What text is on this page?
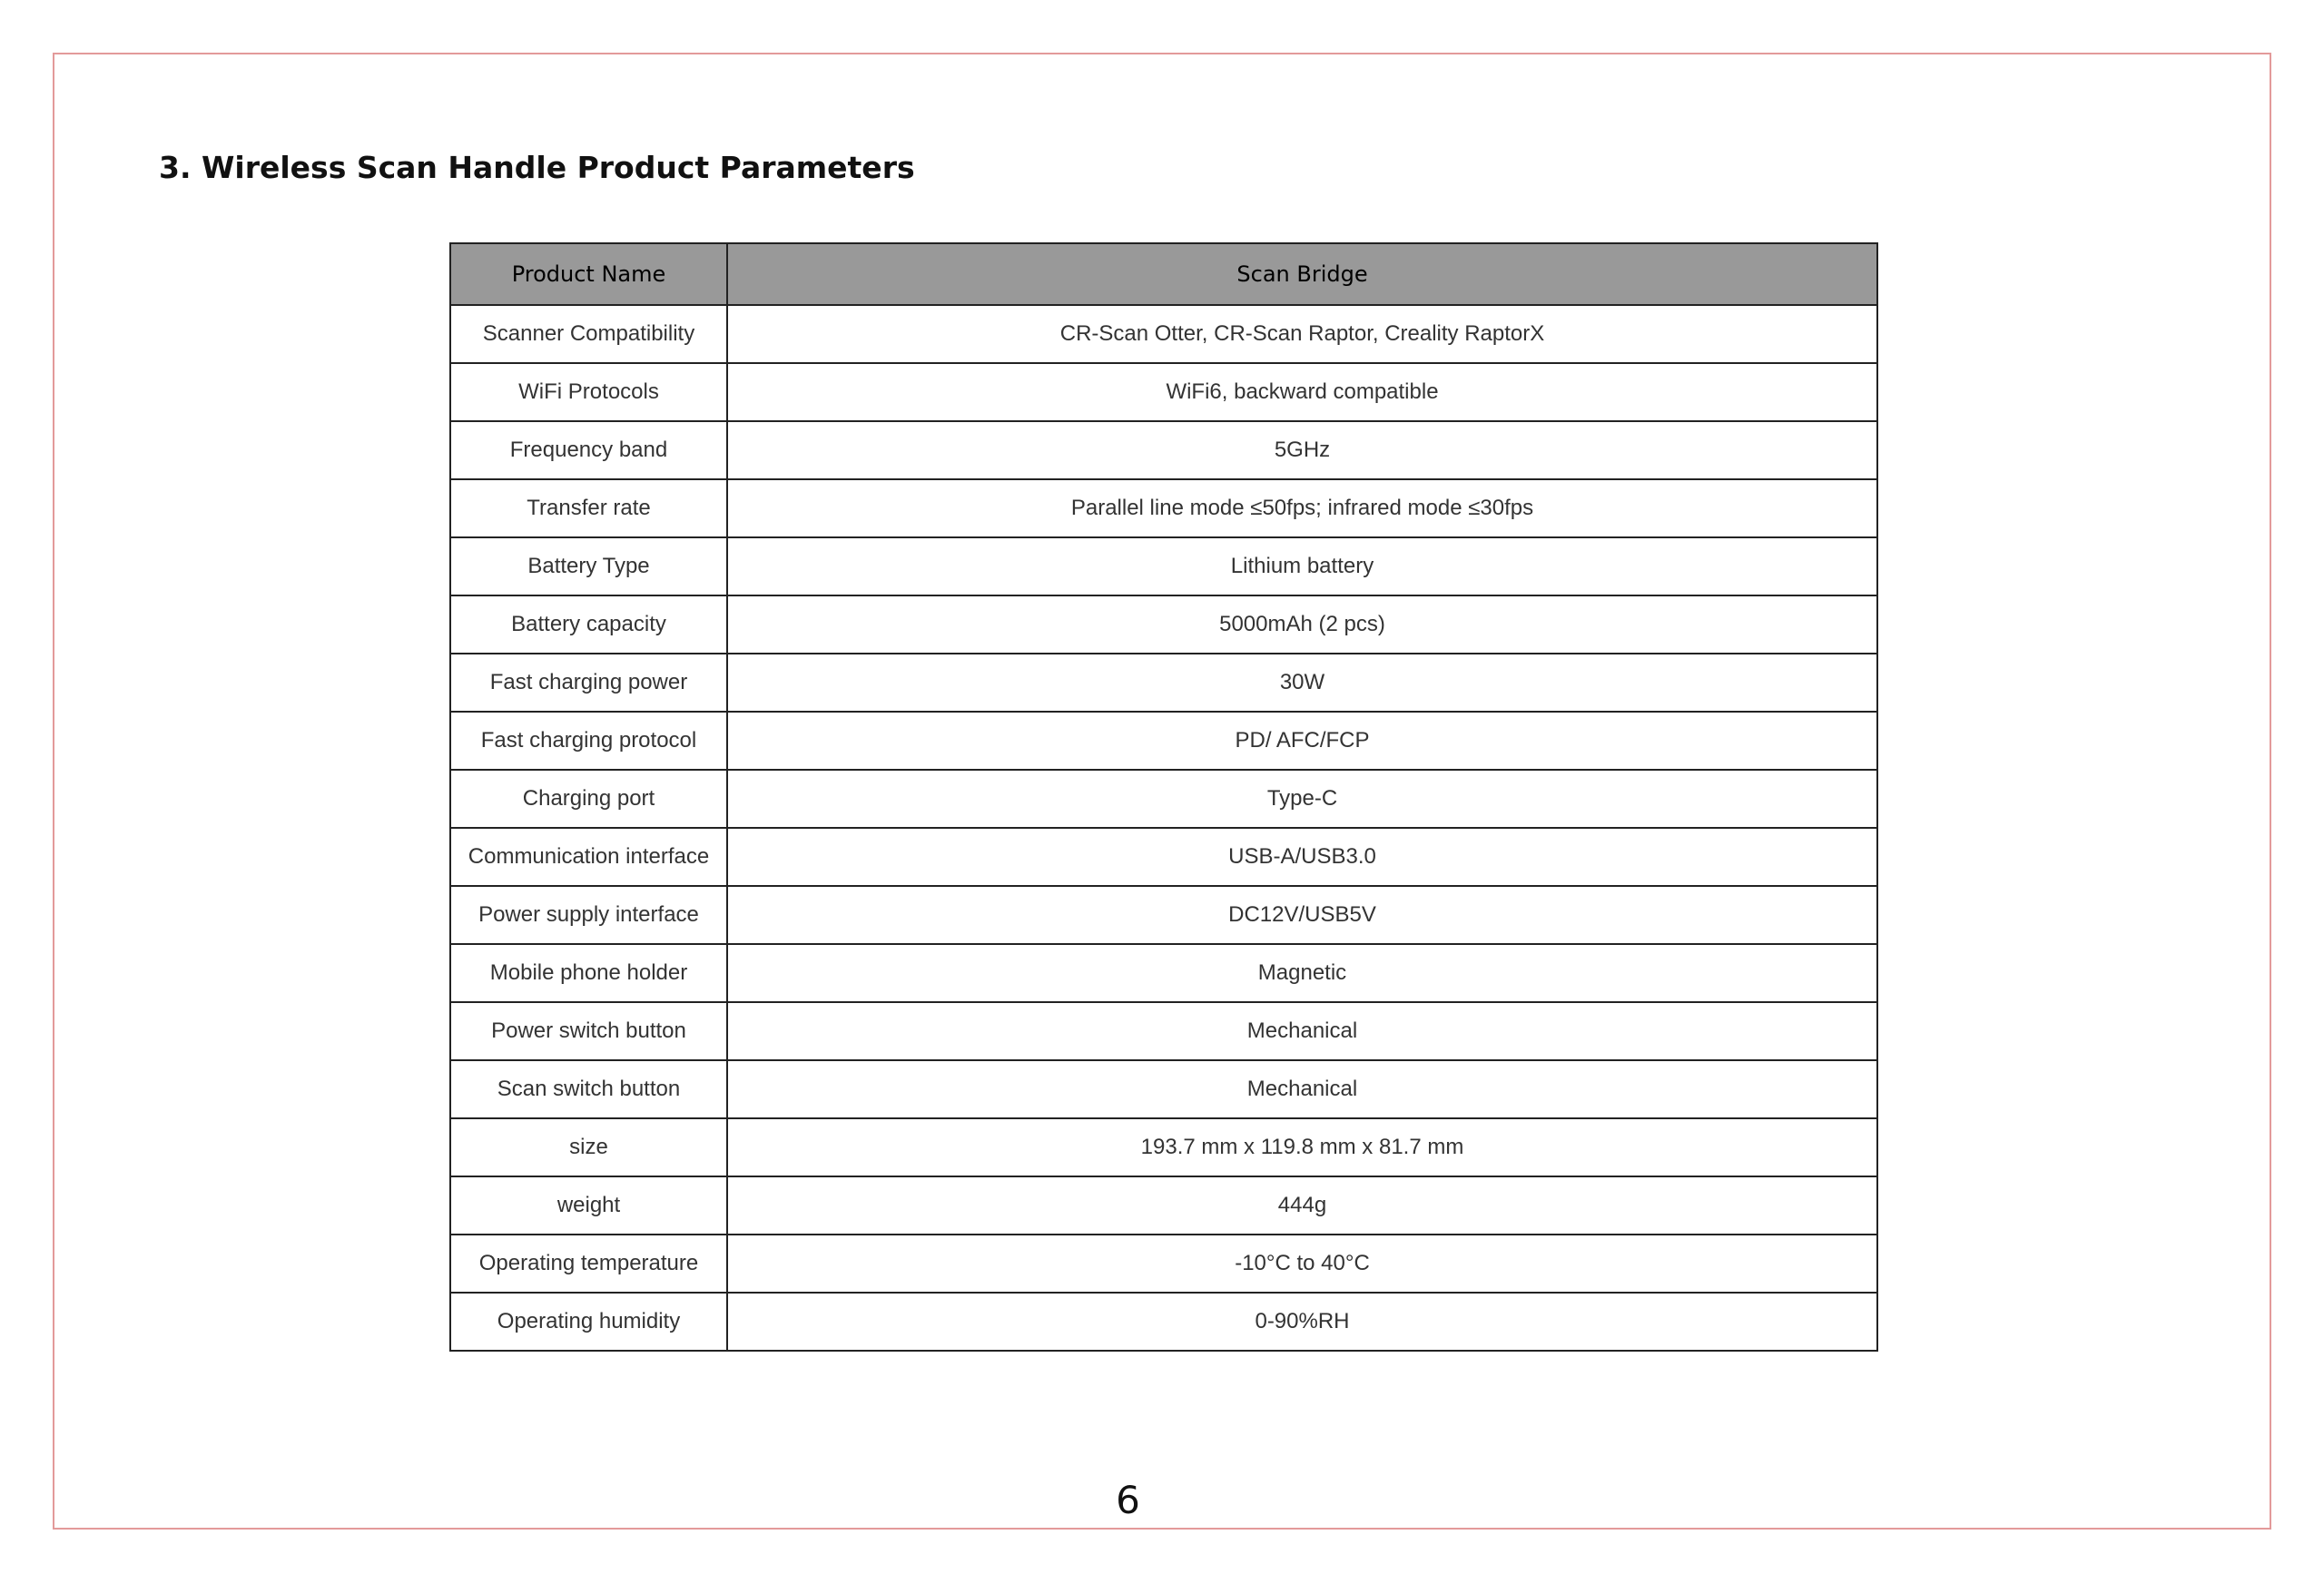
3. Wireless Scan Handle Product Parameters
Product Name	Scan Bridge
Scanner Compatibility	CR-Scan Otter, CR-Scan Raptor, Creality RaptorX
WiFi Protocols	WiFi6, backward compatible
Frequency band	5GHz
Transfer rate	Parallel line mode ≤50fps; infrared mode ≤30fps
Battery Type	Lithium battery
Battery capacity	5000mAh (2 pcs)
Fast charging power	30W
Fast charging protocol	PD/ AFC/FCP
Charging port	Type-C
Communication interface	USB-A/USB3.0
Power supply interface	DC12V/USB5V
Mobile phone holder	Magnetic
Power switch button	Mechanical
Scan switch button	Mechanical
size	193.7 mm x 119.8 mm x 81.7 mm
weight	444g
Operating temperature	-10°C to 40°C
Operating humidity	0-90%RH
6
